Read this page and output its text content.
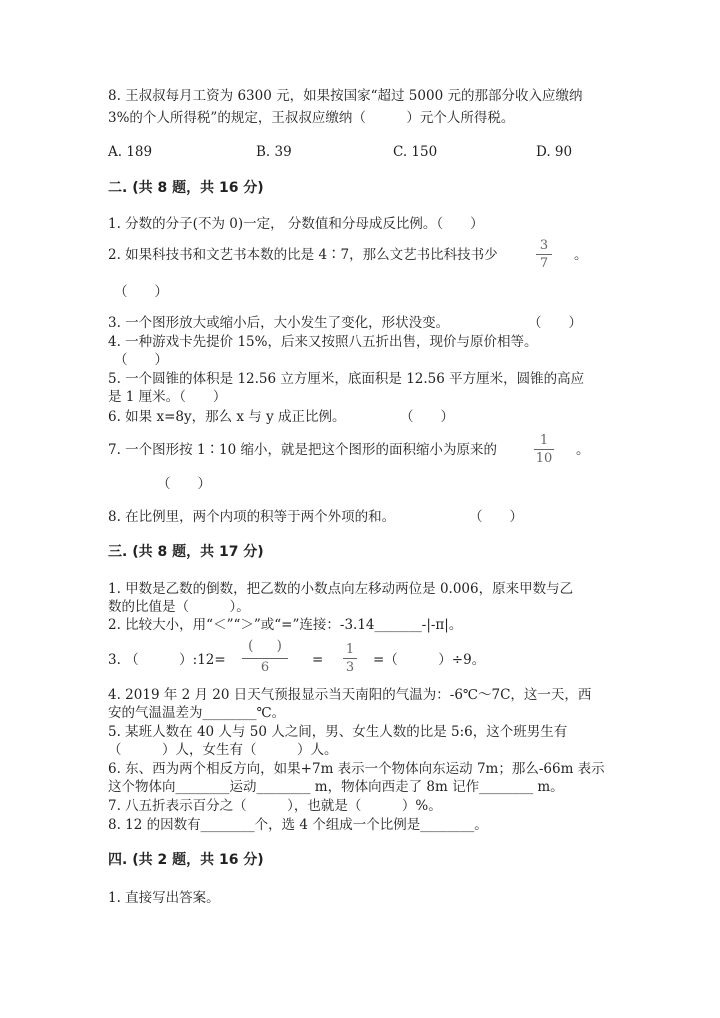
8. 王叔叔每月工资为 6300 元，如果按国家“超过 5000 元的那部分收入应缴纳
3%的个人所得税”的规定，王叔叔应缴纳（　　　）元个人所得税。
A. 189	B. 39	C. 150	D. 90
二. (共 8 题，共 16 分)
1. 分数的分子(不为 0)一定， 分数值和分母成反比例。（　　）
2. 如果科技书和文艺书本数的比是 4∶7，那么文艺书比科技书少
3
7
。
（　　）
3. 一个图形放大或缩小后，大小发生了变化，形状没变。	（　　）
4. 一种游戏卡先提价 15%，后来又按照八五折出售，现价与原价相等。
（　　）
5. 一个圆锥的体积是 12.56 立方厘米，底面积是 12.56 平方厘米，圆锥的高应
是 1 厘米。（　　）
6. 如果 x=8y，那么 x 与 y 成正比例。	（　　）
7. 一个图形按 1∶10 缩小，就是把这个图形的面积缩小为原来的
1
10
。
（　　）
8. 在比例里，两个内项的积等于两个外项的和。	（　　）
三. (共 8 题，共 17 分)
1. 甲数是乙数的倒数，把乙数的小数点向左移动两位是 0.006，原来甲数与乙
数的比值是（　　　）。
2. 比较大小，用“＜”“＞”或“=”连接：-3.14_______-|-π|。
3. （　　　）:12=
( )
6	=
1
3 =（　　　）÷9。
4. 2019 年 2 月 20 日天气预报显示当天南阳的气温为：-6℃～7C，这一天，西
安的气温温差为________℃。
5. 某班人数在 40 人与 50 人之间，男、女生人数的比是 5:6，这个班男生有
（　　　）人，女生有（　　　）人。
6. 东、西为两个相反方向，如果+7m 表示一个物体向东运动 7m；那么-66m 表示
这个物体向________运动________ m，物体向西走了 8m 记作________ m。
7. 八五折表示百分之（　　　），也就是（　　　）%。
8. 12 的因数有________个，选 4 个组成一个比例是________。
四. (共 2 题，共 16 分)
1. 直接写出答案。
